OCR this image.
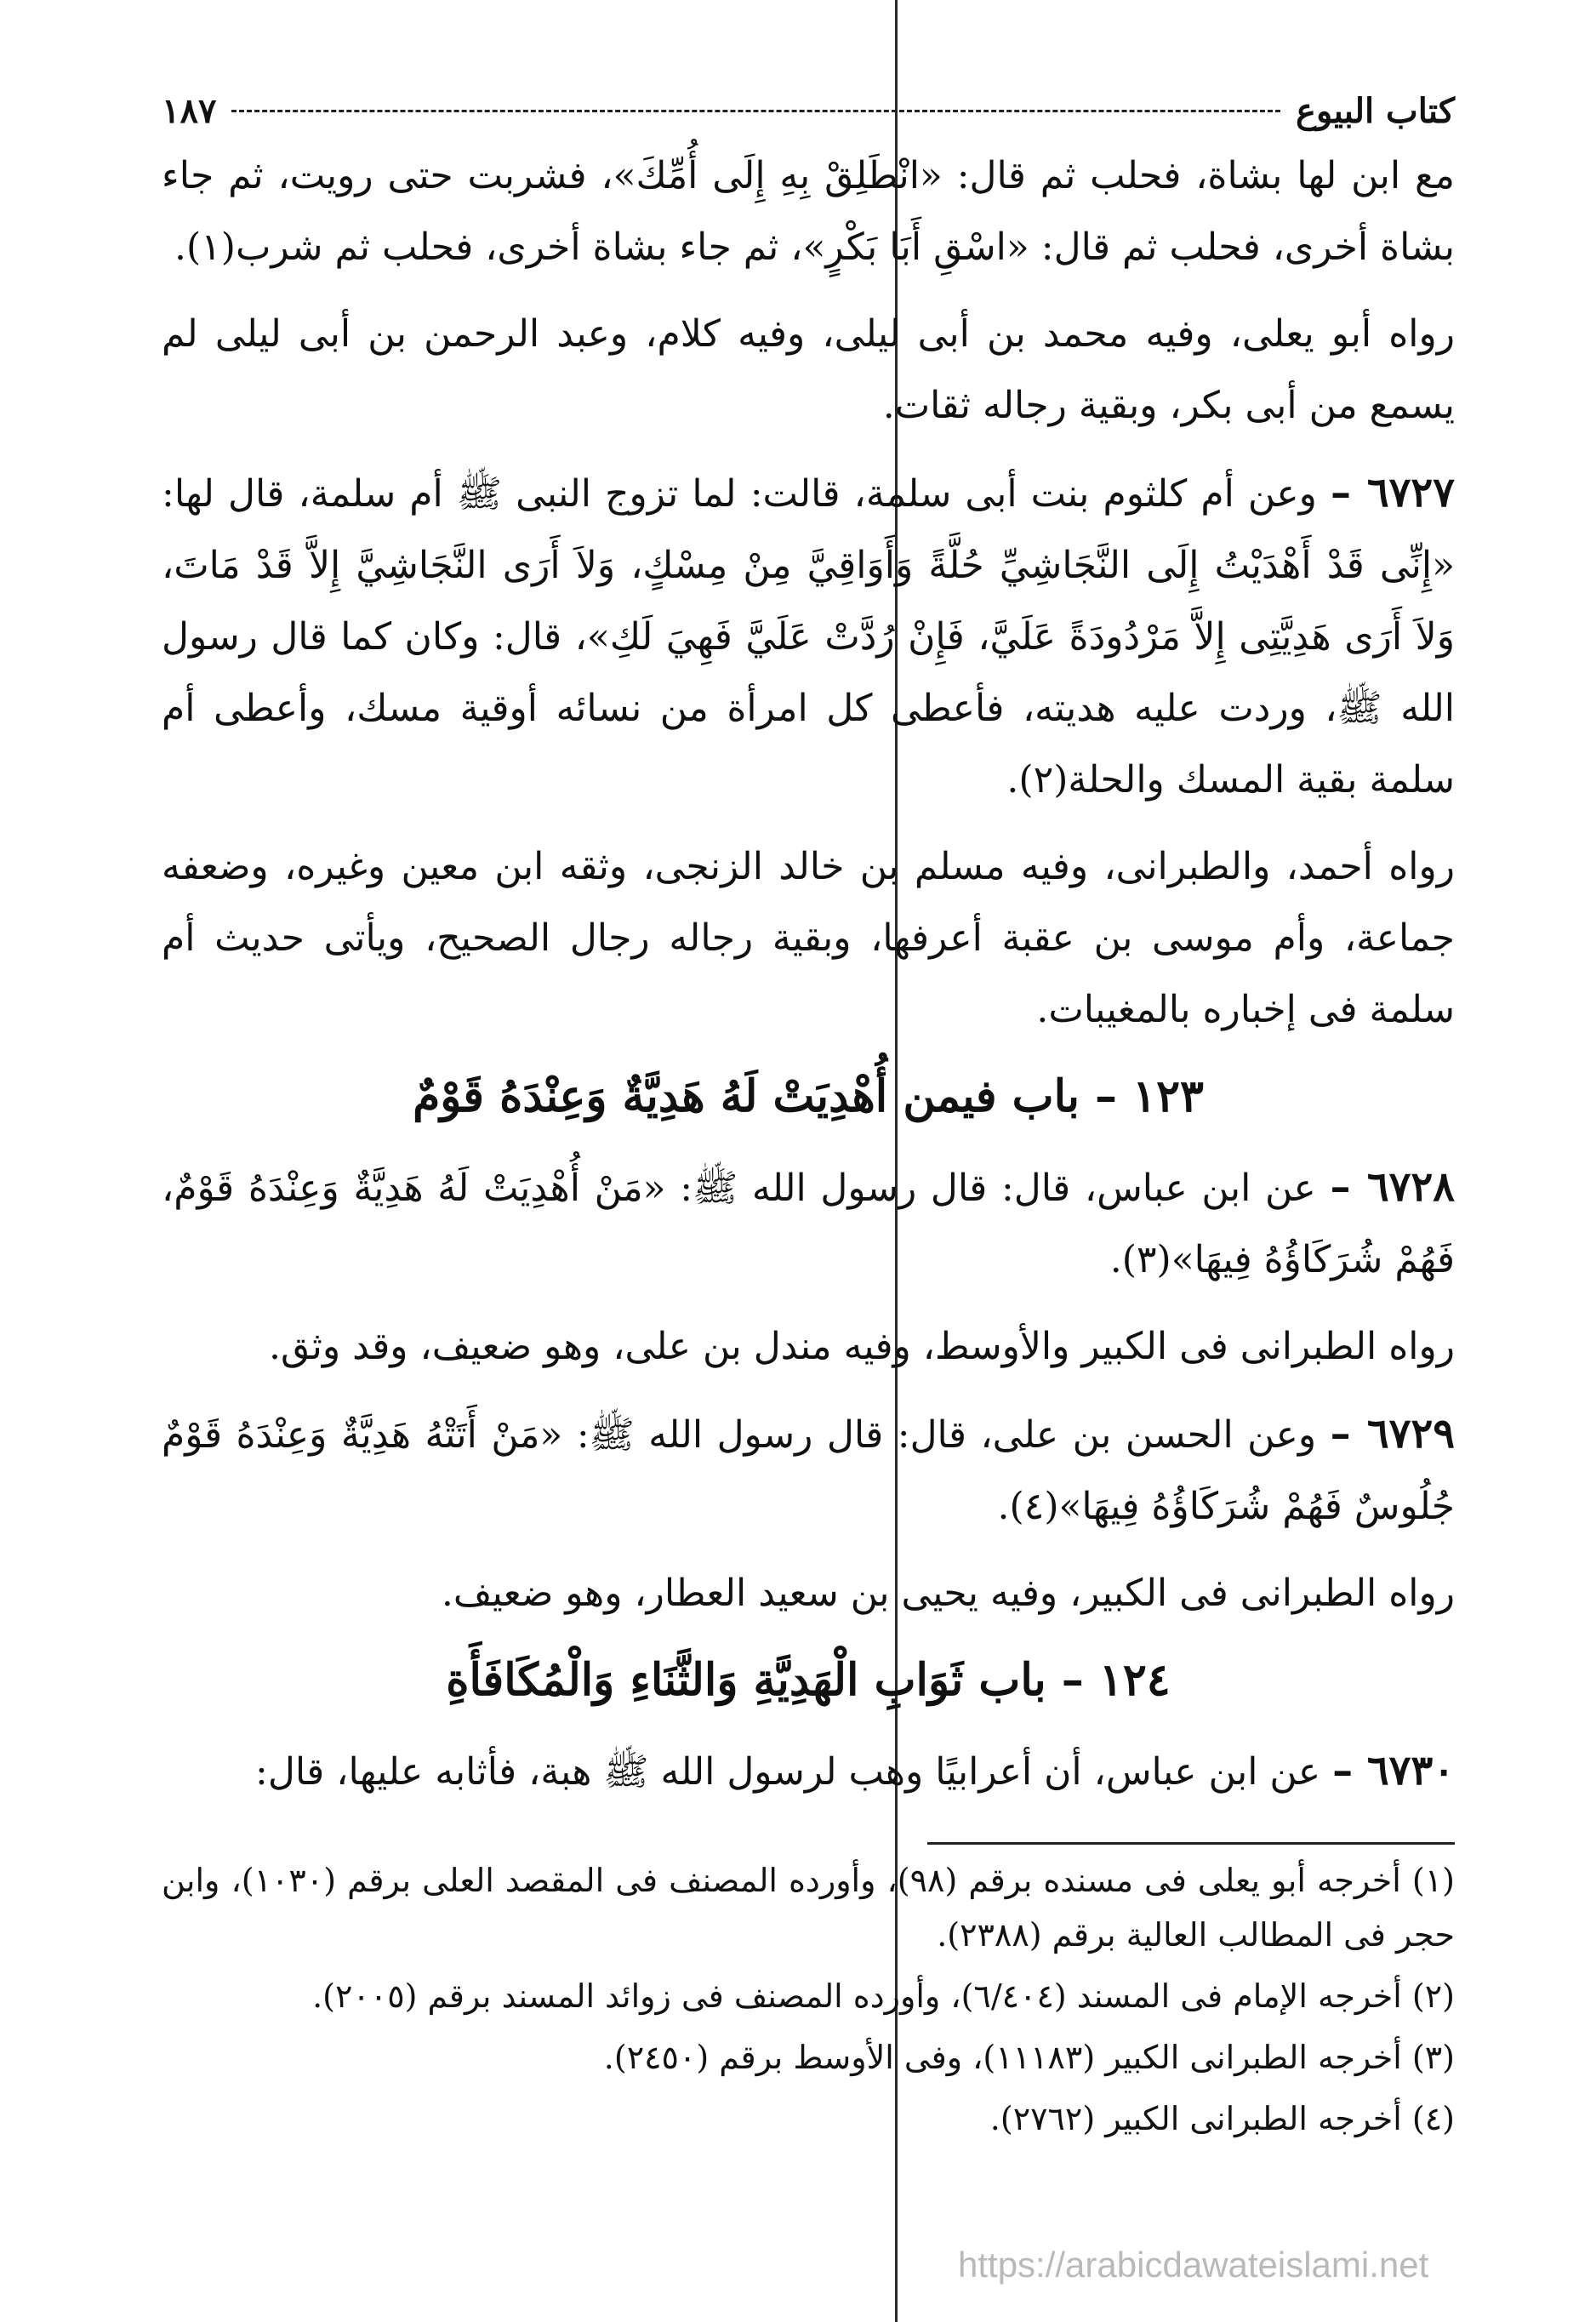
كتاب البيوع
١٨٧

مع ابن لها بشاة، فحلب ثم قال: «انْطَلِقْ بِهِ إِلَى أُمِّكَ»، فشربت حتى رويت، ثم جاء بشاة أخرى، فحلب ثم قال: «اسْقِ أَبَا بَكْرٍ»، ثم جاء بشاة أخرى، فحلب ثم شرب(١).

رواه أبو يعلى، وفيه محمد بن أبى ليلى، وفيه كلام، وعبد الرحمن بن أبى ليلى لم يسمع من أبى بكر، وبقية رجاله ثقات.

٦٧٢٧ – وعن أم كلثوم بنت أبى سلمة، قالت: لما تزوج النبى ﷺ أم سلمة، قال لها: «إِنِّى قَدْ أَهْدَيْتُ إِلَى النَّجَاشِيِّ حُلَّةً وَأَوَاقِيَّ مِنْ مِسْكٍ، وَلاَ أَرَى النَّجَاشِيَّ إِلاَّ قَدْ مَاتَ، وَلاَ أَرَى هَدِيَّتِى إِلاَّ مَرْدُودَةً عَلَيَّ، فَإِنْ رُدَّتْ عَلَيَّ فَهِيَ لَكِ»، قال: وكان كما قال رسول الله ﷺ، وردت عليه هديته، فأعطى كل امرأة من نسائه أوقية مسك، وأعطى أم سلمة بقية المسك والحلة(٢).

رواه أحمد، والطبرانى، وفيه مسلم بن خالد الزنجى، وثقه ابن معين وغيره، وضعفه جماعة، وأم موسى بن عقبة أعرفها، وبقية رجاله رجال الصحيح، ويأتى حديث أم سلمة فى إخباره بالمغيبات.

١٢٣ – باب فيمن أُهْدِيَتْ لَهُ هَدِيَّةٌ وَعِنْدَهُ قَوْمٌ

٦٧٢٨ – عن ابن عباس، قال: قال رسول الله ﷺ: «مَنْ أُهْدِيَتْ لَهُ هَدِيَّةٌ وَعِنْدَهُ قَوْمٌ، فَهُمْ شُرَكَاؤُهُ فِيهَا»(٣).

رواه الطبرانى فى الكبير والأوسط، وفيه مندل بن على، وهو ضعيف، وقد وثق.

٦٧٢٩ – وعن الحسن بن على، قال: قال رسول الله ﷺ: «مَنْ أَتَتْهُ هَدِيَّةٌ وَعِنْدَهُ قَوْمٌ جُلُوسٌ فَهُمْ شُرَكَاؤُهُ فِيهَا»(٤).

رواه الطبرانى فى الكبير، وفيه يحيى بن سعيد العطار، وهو ضعيف.

١٢٤ – باب ثَوَابِ الْهَدِيَّةِ وَالثَّنَاءِ وَالْمُكَافَأَةِ

٦٧٣٠ – عن ابن عباس، أن أعرابيًا وهب لرسول الله ﷺ هبة، فأثابه عليها، قال:

(١) أخرجه أبو يعلى فى مسنده برقم (٩٨)، وأورده المصنف فى المقصد العلى برقم (١٠٣٠)، وابن حجر فى المطالب العالية برقم (٢٣٨٨).

(٢) أخرجه الإمام فى المسند (٦/٤٠٤)، وأورده المصنف فى زوائد المسند برقم (٢٠٠٥).

(٣) أخرجه الطبرانى الكبير (١١١٨٣)، وفى الأوسط برقم (٢٤٥٠).

(٤) أخرجه الطبرانى الكبير (٢٧٦٢).

https://arabicdawateislami.net
